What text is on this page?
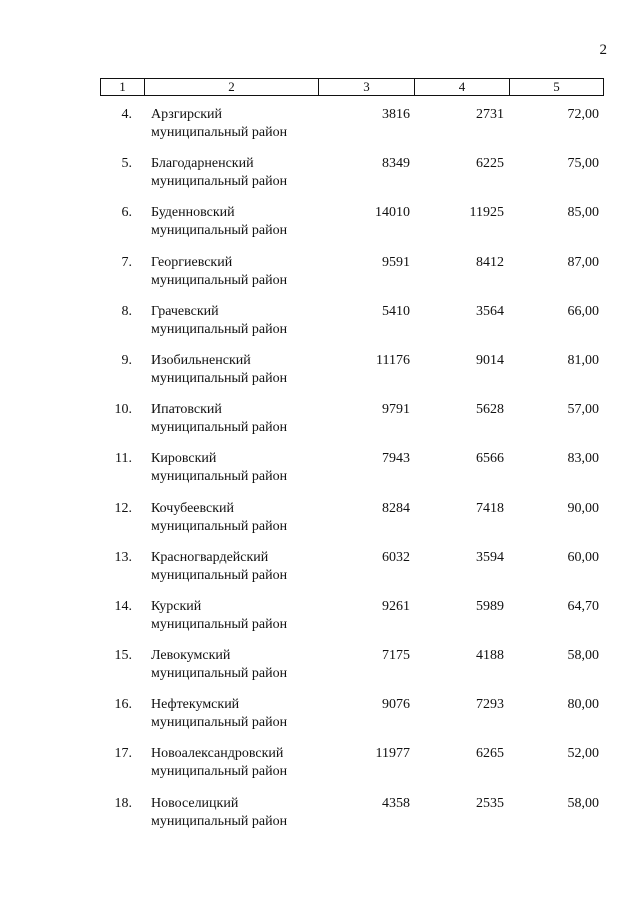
2
1	2	3	4	5
4. Арзгирский
муниципальный район
3816	2731	72,00
5. Благодарненский
муниципальный район
8349	6225	75,00
6. Буденновский
муниципальный район
14010	11925	85,00
7. Георгиевский
муниципальный район
9591	8412	87,00
8. Грачевский
муниципальный район
5410	3564	66,00
9. Изобильненский
муниципальный район
11176	9014	81,00
10. Ипатовский
муниципальный район
9791	5628	57,00
11. Кировский
муниципальный район
7943	6566	83,00
12. Кочубеевский
муниципальный район
8284	7418	90,00
13. Красногвардейский
муниципальный район
6032	3594	60,00
14. Курский
муниципальный район
9261	5989	64,70
15. Левокумский
муниципальный район
7175	4188	58,00
16. Нефтекумский
муниципальный район
9076	7293	80,00
17. Новоалександровский
муниципальный район
11977	6265	52,00
18. Новоселицкий
муниципальный район
4358	2535	58,00
